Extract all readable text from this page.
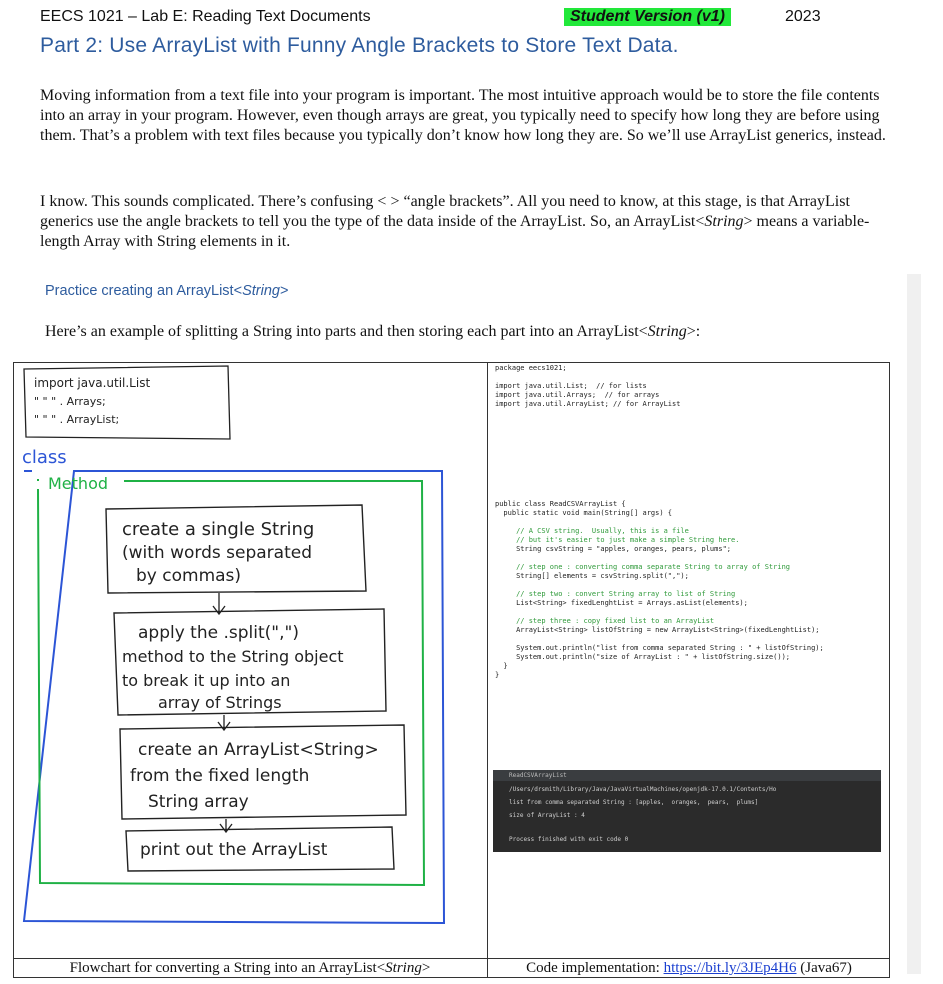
EECS 1021 – Lab E: Reading Text Documents	Student Version (v1)	2023
Part 2: Use ArrayList with Funny Angle Brackets to Store Text Data.
Moving information from a text file into your program is important. The most intuitive approach would be to store the file contents into an array in your program. However, even though arrays are great, you typically need to specify how long they are before using them. That’s a problem with text files because you typically don’t know how long they are. So we’ll use ArrayList generics, instead.
I know. This sounds complicated. There’s confusing < > “angle brackets”. All you need to know, at this stage, is that ArrayList generics use the angle brackets to tell you the type of the data inside of the ArrayList. So, an ArrayList<String> means a variable-length Array with String elements in it.
Practice creating an ArrayList<String>
Here’s an example of splitting a String into parts and then storing each part into an ArrayList<String>:
import java.util.List
" " " . Arrays;
" " " . ArrayList;
class
Method
create a single String
(with words separated
by commas)
apply the .split(",")
method to the String object
to break it up into an
array of Strings
create an ArrayList<String>
from the fixed length
String array
print out the ArrayList
package eecs1021;

import java.util.List;  // for lists
import java.util.Arrays;  // for arrays
import java.util.ArrayList; // for ArrayList
public class ReadCSVArrayList {
public static void main(String[] args) {

// A CSV string.  Usually, this is a file
// but it's easier to just make a simple String here.
String csvString = "apples, oranges, pears, plums";

// step one : converting comma separate String to array of String
String[] elements = csvString.split(",");

// step two : convert String array to list of String
List<String> fixedLenghtList = Arrays.asList(elements);

// step three : copy fixed list to an ArrayList
ArrayList<String> listOfString = new ArrayList<String>(fixedLenghtList);

System.out.println("list from comma separated String : " + listOfString);
System.out.println("size of ArrayList : " + listOfString.size());
}
}
ReadCSVArrayList
/Users/drsmith/Library/Java/JavaVirtualMachines/openjdk-17.0.1/Contents/Ho
list from comma separated String : [apples,  oranges,  pears,  plums]
size of ArrayList : 4
Process finished with exit code 0
Flowchart for converting a String into an ArrayList<String>	Code implementation: https://bit.ly/3JEp4H6 (Java67)
